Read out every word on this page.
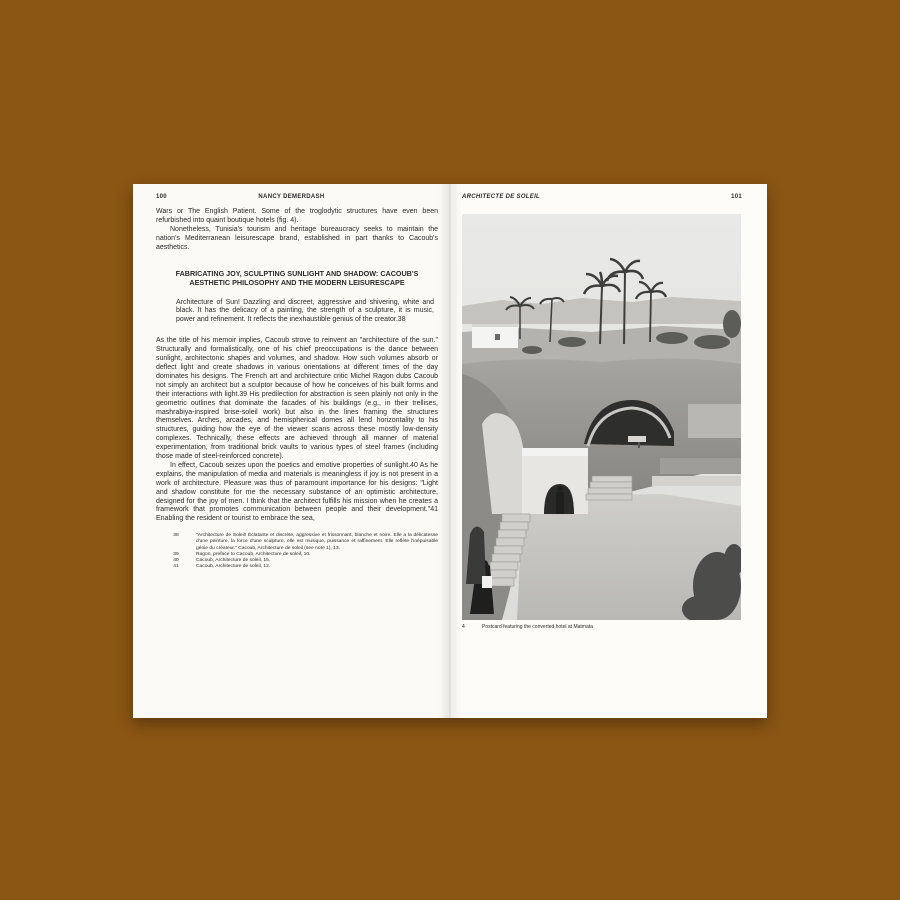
100	NANCY DEMERDASH

Wars or The English Patient. Some of the troglodytic structures have even been refurbished into quaint boutique hotels (fig. 4).

Nonetheless, Tunisia's tourism and heritage bureaucracy seeks to maintain the nation's Mediterranean leisurescape brand, established in part thanks to Cacoub's aesthetics.

FABRICATING JOY, SCULPTING SUNLIGHT AND SHADOW: CACOUB'S AESTHETIC PHILOSOPHY AND THE MODERN LEISURESCAPE
Architecture of Sun! Dazzling and discreet, aggressive and shivering, white and black. It has the delicacy of a painting, the strength of a sculpture, it is music, power and refinement. It reflects the inexhaustible genius of the creator.38

As the title of his memoir implies, Cacoub strove to reinvent an "architecture of the sun." Structurally and formalistically, one of his chief preoccupations is the dance between sunlight, architectonic shapes and volumes, and shadow. How such volumes absorb or deflect light and create shadows in various orientations at different times of the day dominates his designs. The French art and architecture critic Michel Ragon dubs Cacoub not simply an architect but a sculptor because of how he conceives of his built forms and their interactions with light.39 His predilection for abstraction is seen plainly not only in the geometric outlines that dominate the facades of his buildings (e.g., in their trellises, mashrabiya-inspired brise-soleil work) but also in the lines framing the structures themselves. Arches, arcades, and hemispherical domes all lend horizontality to his structures, guiding how the eye of the viewer scans across these mostly low-density complexes. Technically, these effects are achieved through all manner of material experimentation, from traditional brick vaults to various types of steel frames (including those made of steel-reinforced concrete).

In effect, Cacoub seizes upon the poetics and emotive properties of sunlight.40 As he explains, the manipulation of media and materials is meaningless if joy is not present in a work of architecture. Pleasure was thus of paramount importance for his designs: "Light and shadow constitute for me the necessary substance of an optimistic architecture, designed for the joy of men. I think that the architect fulfills his mission when he creates a framework that promotes communication between people and their development."41 Enabling the resident or tourist to embrace the sea,

38	"Architecture de Soleil! Éclatante et discrète, aggressive et frissonnant, blanche et noire. Elle a la délicatesse d'une peinture, la force d'une sculpture, elle est musique, puissance et raffinement. Elle reflète l'inépuisable génie du créateur." Cacoub, Architecture de soleil (see note 1), 13.
39	Ragon, preface to Cacoub, Architecture de soleil, 10.
40	Cacoub, Architecture de soleil, 15.
41	Cacoub, Architecture de soleil, 12.
ARCHITECTE DE SOLEIL	101
4	Postcard featuring the converted hotel at Matmata
